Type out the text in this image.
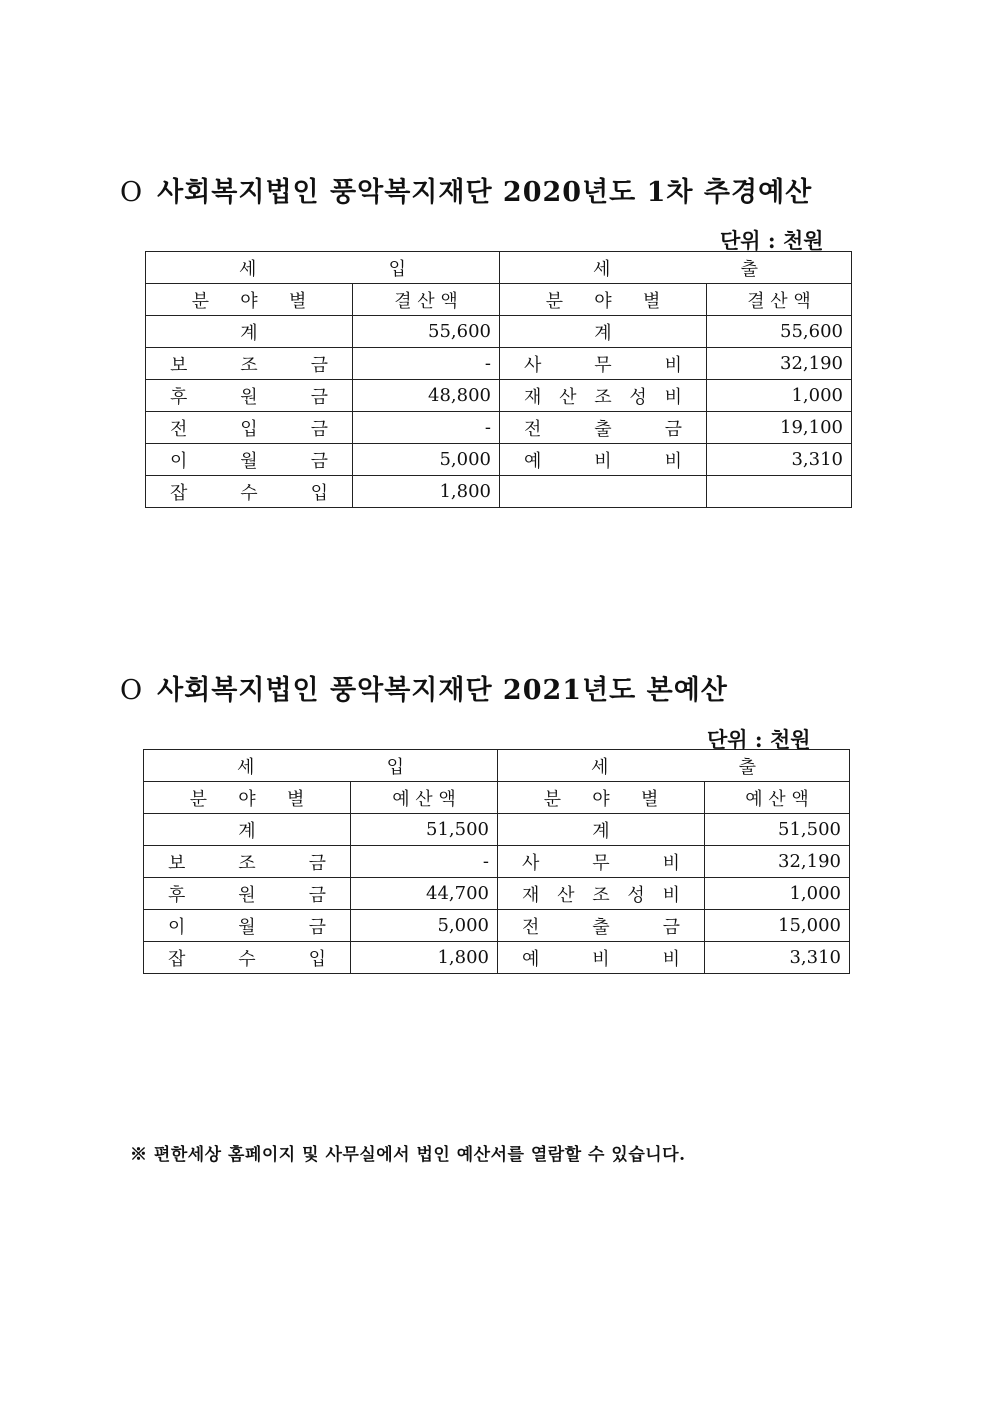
O 사회복지법인 풍악복지재단 2020년도 1차 추경예산
단위 : 천원
세 입		세 출	

분 야 별	결 산 액	분 야 별	결 산 액
계	55,600	계	55,600

보 조 금	-	사 무 비	32,190

후 원 금	48,800	재 산 조 성 비	1,000

전 입 금	-	전 출 금	19,100

이 월 금	5,000	예 비 비	3,310

잡 수 입	1,800	

O 사회복지법인 풍악복지재단 2021년도 본예산
단위 : 천원
세 입		세 출	

분 야 별	예 산 액	분 야 별	예 산 액
계	51,500	계	51,500

보 조 금	-	사 무 비	32,190

후 원 금	44,700	재 산 조 성 비	1,000

이 월 금	5,000	전 출 금	15,000

잡 수 입	1,800	예 비 비	3,310
※ 편한세상 홈페이지 및 사무실에서 법인 예산서를 열람할 수 있습니다.
